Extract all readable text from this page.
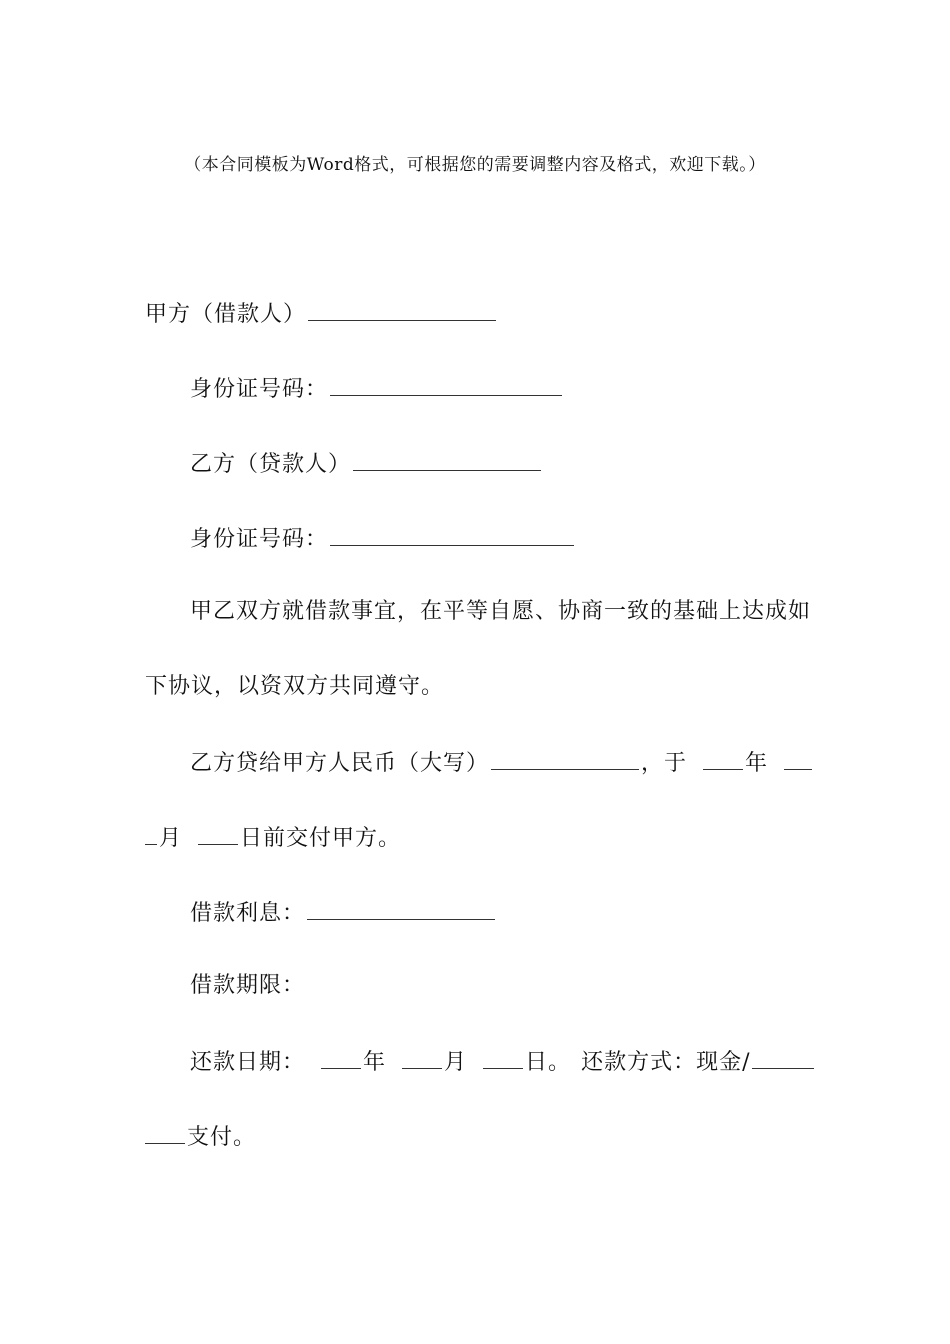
（本合同模板为Word格式，可根据您的需要调整内容及格式，欢迎下载。）
甲方（借款人）
身份证号码：
乙方（贷款人）
身份证号码：
甲乙双方就借款事宜，在平等自愿、协商一致的基础上达成如
下协议，以资双方共同遵守。
乙方贷给甲方人民币（大写）	，于	年
月	日前交付甲方。
借款利息：
借款期限：
还款日期：	年	月	日。 还款方式：现金/
支付。
